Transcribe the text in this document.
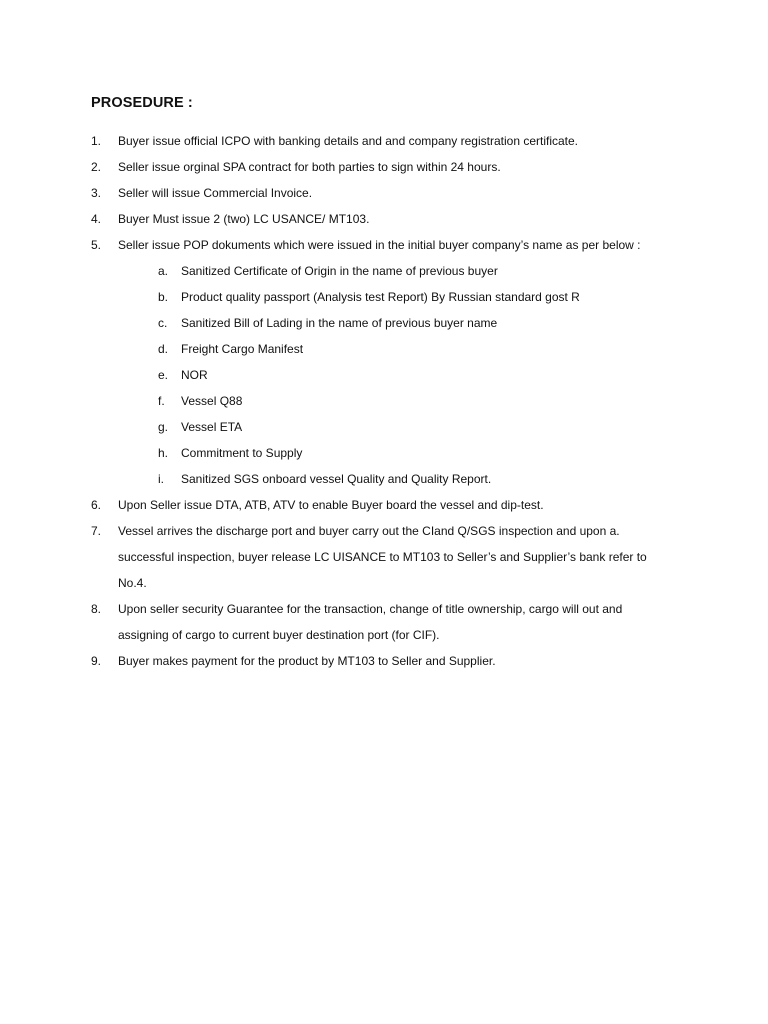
PROSEDURE :
1. Buyer issue official ICPO with banking details and and company registration certificate.
2. Seller issue orginal SPA contract for both parties to sign within 24 hours.
3. Seller will issue Commercial Invoice.
4. Buyer Must issue 2 (two) LC USANCE/ MT103.
5. Seller issue POP dokuments which were issued in the initial buyer company’s name as per below :
a. Sanitized Certificate of Origin in the name of previous buyer
b. Product quality passport (Analysis test Report) By Russian standard gost R
c. Sanitized Bill of Lading in the name of previous buyer name
d. Freight Cargo Manifest
e. NOR
f. Vessel Q88
g. Vessel ETA
h. Commitment to Supply
i. Sanitized SGS onboard vessel Quality and Quality Report.
6. Upon Seller issue DTA, ATB, ATV to enable Buyer board the vessel and dip-test.
7. Vessel arrives the discharge port and buyer carry out the CIand Q/SGS inspection and upon a.
successful inspection, buyer release LC UISANCE to MT103 to Seller’s and Supplier’s bank refer to
No.4.
8. Upon seller security Guarantee for the transaction, change of title ownership, cargo will out and
assigning of cargo to current buyer destination port (for CIF).
9. Buyer makes payment for the product by MT103 to Seller and Supplier.
